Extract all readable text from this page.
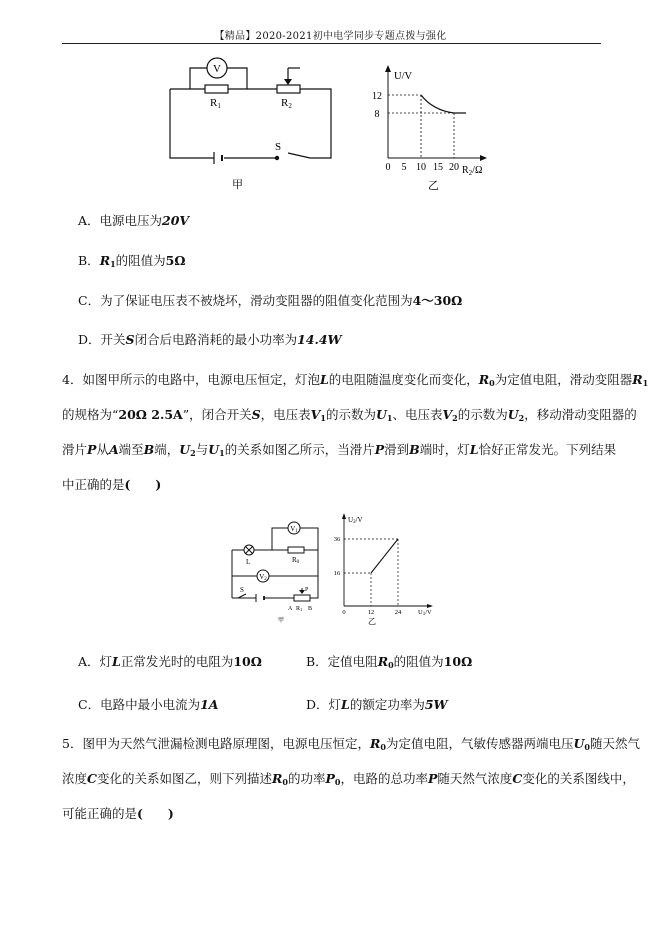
【精品】2020-2021初中电学同步专题点拨与强化
V
R1	R2
S
甲
U/V
12
8
0 5 10 15 20 $R_2/\Omega$
乙
A．电源电压为20V
B．$R_1$的阻值为5Ω
C．为了保证电压表不被烧坏，滑动变阻器的阻值变化范围为4～30Ω
D．开关S闭合后电路消耗的最小功率为14.4W
4．如图甲所示的电路中，电源电压恒定，灯泡L的电阻随温度变化而变化，$R_0$为定值电阻，滑动变阻器$R_1$
的规格为“20Ω 2.5A”，闭合开关S，电压表$V_1$的示数为$U_1$、电压表$V_2$的示数为$U_2$，移动滑动变阻器的
滑片P从A端至B端，$U_2$与$U_1$的关系如图乙所示，当滑片P滑到B端时，灯L恰好正常发光。下列结果
中正确的是(　　)
V1
V2
L	R0
S	P
A R1 B
甲
U2/V
36
16
0	12	24	U1/V
乙
A．灯L正常发光时的电阻为10Ω	B．定值电阻$R_0$的阻值为10Ω
C．电路中最小电流为1A	D．灯L的额定功率为5W
5．图甲为天然气泄漏检测电路原理图，电源电压恒定，$R_0$为定值电阻，气敏传感器两端电压$U_0$随天然气
浓度C变化的关系如图乙，则下列描述$R_0$的功率$P_0$，电路的总功率P随天然气浓度C变化的关系图线中，
可能正确的是(　　)
